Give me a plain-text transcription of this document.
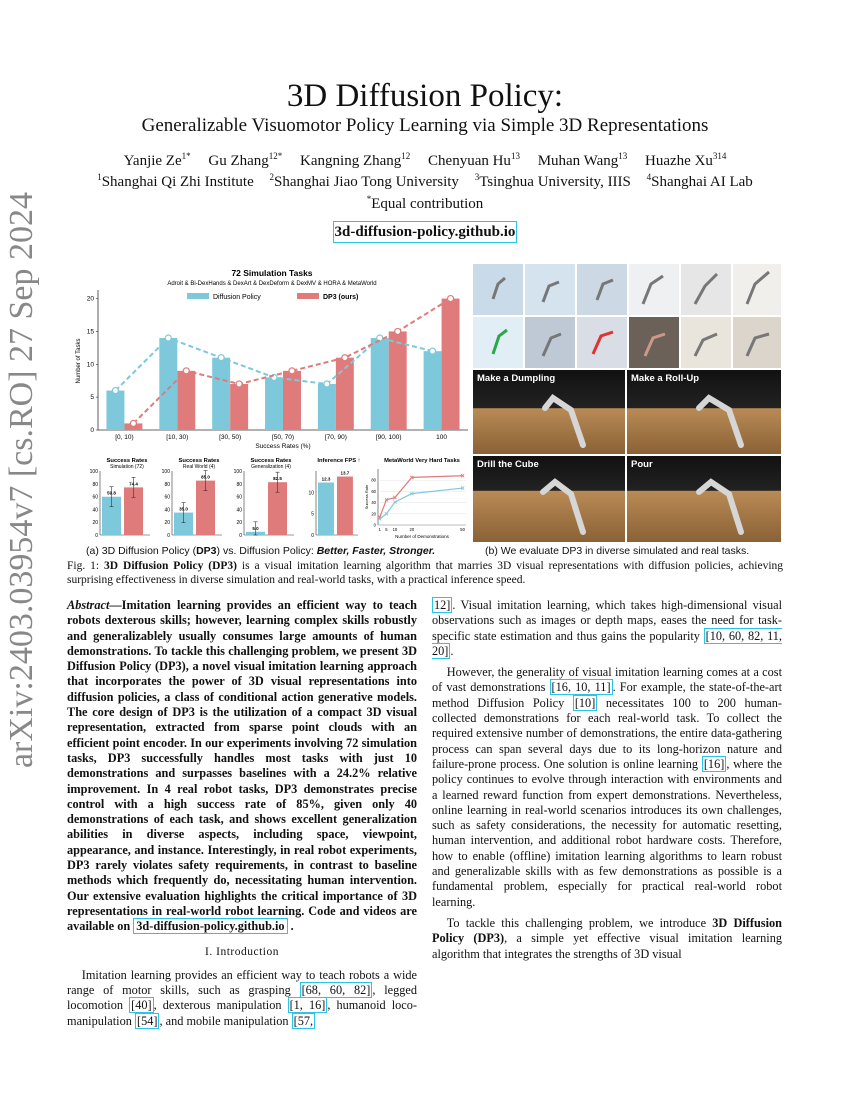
arXiv:2403.03954v7 [cs.RO] 27 Sep 2024
3D Diffusion Policy:
Generalizable Visuomotor Policy Learning via Simple 3D Representations
Yanjie $Ze^{1*}$ Gu Zhang$^{12*}$ Kangning Zhang$^{12}$ Chenyuan Hu$^{13}$ Muhan Wang$^{13}$ Huazhe Xu$^{314}$
$^1$Shanghai Qi Zhi Institute $^2$Shanghai Jiao Tong University $^3$Tsinghua University, IIIS $^4$Shanghai AI Lab
*Equal contribution
3d-diffusion-policy.github.io
72 Simulation Tasks
Adroit & Bi-DexHands & DexArt & DexDeform & DexMV & HORA & MetaWorld
Diffusion Policy	DP3 (ours)
0
5
10
15
20
Number of Tasks
Success Rates (%)
[0, 10)	[10, 30)	[30, 50)	[50, 70)	[70, 90)	[90, 100)	100
Success Rates
Simulation (72)
0
20
40
60
80
100
59.8
74.4
Success Rates
Real World (4)
0
20
40
60
80
100
35.0
85.0
Success Rates
Generalization (4)
0
20
40
60
80
100
5.0
82.5
Inference FPS ↑
0
5
10
12.3
13.7
MetaWorld Very Hard Tasks
0
20
40
60
80
1 5 10	20	50
Number of Demonstrations
Success Rate
Make a Dumpling	Make a Roll-Up
Drill the Cube	Pour
(a) 3D Diffusion Policy (DP3) vs. Diffusion Policy: Better, Faster, Stronger.	(b) We evaluate DP3 in diverse simulated and real tasks.
Fig. 1: 3D Diffusion Policy (DP3) is a visual imitation learning algorithm that marries 3D visual representations with diffusion policies, achieving surprising effectiveness in diverse simulation and real-world tasks, with a practical inference speed.

Abstract—Imitation learning provides an efficient way to teach robots dexterous skills; however, learning complex skills robustly and generalizablely usually consumes large amounts of human demonstrations. To tackle this challenging problem, we present 3D Diffusion Policy (DP3), a novel visual imitation learning approach that incorporates the power of 3D visual representations into diffusion policies, a class of conditional action generative models. The core design of DP3 is the utilization of a compact 3D visual representation, extracted from sparse point clouds with an efficient point encoder. In our experiments involving 72 simulation tasks, DP3 successfully handles most tasks with just 10 demonstrations and surpasses baselines with a 24.2% relative improvement. In 4 real robot tasks, DP3 demonstrates precise control with a high success rate of 85%, given only 40 demonstrations of each task, and shows excellent generalization abilities in diverse aspects, including space, viewpoint, appearance, and instance. Interestingly, in real robot experiments, DP3 rarely violates safety requirements, in contrast to baseline methods which frequently do, necessitating human intervention. Our extensive evaluation highlights the critical importance of 3D representations in real-world robot learning. Code and videos are available on 3d-diffusion-policy.github.io .

I. Introduction

Imitation learning provides an efficient way to teach robots a wide range of motor skills, such as grasping [68, 60, 82] , legged locomotion [40] , dexterous manipulation [1, 16] , humanoid loco-manipulation [54] , and mobile manipulation [57,

12] . Visual imitation learning, which takes high-dimensional visual observations such as images or depth maps, eases the need for task-specific state estimation and thus gains the popularity [10, 60, 82, 11, 20] .

However, the generality of visual imitation learning comes at a cost of vast demonstrations [16, 10, 11] . For example, the state-of-the-art method Diffusion Policy [10] necessitates 100 to 200 human-collected demonstrations for each real-world task. To collect the required extensive number of demonstrations, the entire data-gathering process can span several days due to its long-horizon nature and failure-prone process. One solution is online learning [16] , where the policy continues to evolve through interaction with environments and a learned reward function from expert demonstrations. Nevertheless, online learning in real-world scenarios introduces its own challenges, such as safety considerations, the necessity for automatic resetting, human intervention, and additional robot hardware costs. Therefore, how to enable (offline) imitation learning algorithms to learn robust and generalizable skills with as few demonstrations as possible is a fundamental problem, especially for practical real-world robot learning.

To tackle this challenging problem, we introduce 3D Diffusion Policy (DP3), a simple yet effective visual imitation learning algorithm that integrates the strengths of 3D visual
